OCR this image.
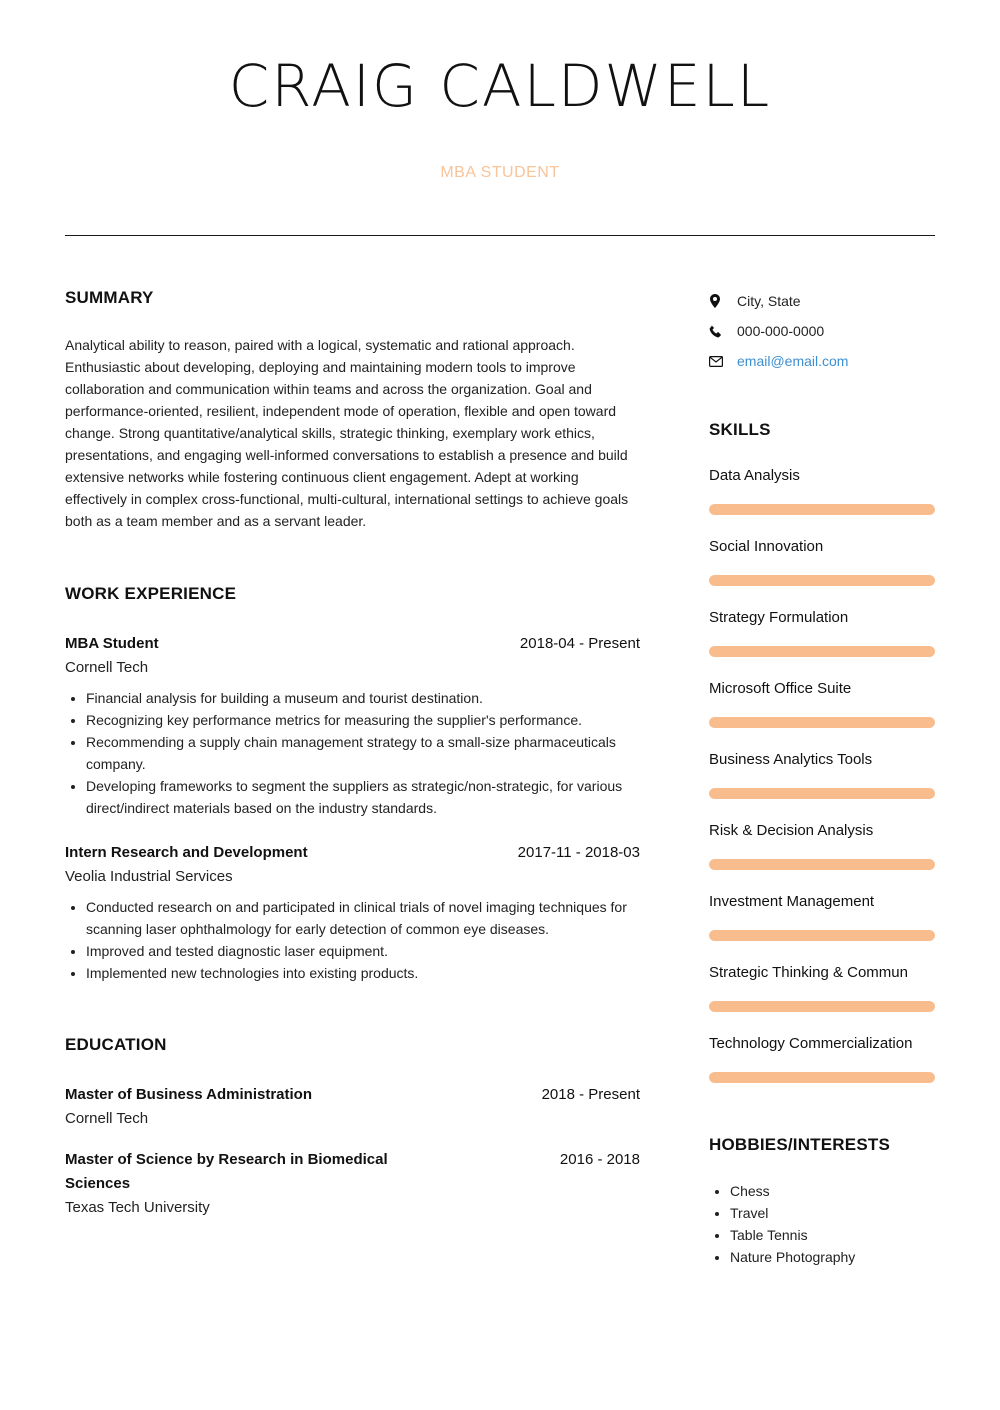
CRAIG CALDWELL
MBA STUDENT
SUMMARY

Analytical ability to reason, paired with a logical, systematic and rational approach. Enthusiastic about developing, deploying and maintaining modern tools to improve collaboration and communication within teams and across the organization. Goal and performance-oriented, resilient, independent mode of operation, flexible and open toward change. Strong quantitative/analytical skills, strategic thinking, exemplary work ethics, presentations, and engaging well-informed conversations to establish a presence and build extensive networks while fostering continuous client engagement. Adept at working effectively in complex cross-functional, multi-cultural, international settings to achieve goals both as a team member and as a servant leader.

WORK EXPERIENCE
MBA Student	2018-04 - Present
Cornell Tech
• Financial analysis for building a museum and tourist destination.
• Recognizing key performance metrics for measuring the supplier's performance.
• Recommending a supply chain management strategy to a small-size pharmaceuticals company.
• Developing frameworks to segment the suppliers as strategic/non-strategic, for various direct/indirect materials based on the industry standards.
Intern Research and Development	2017-11 - 2018-03
Veolia Industrial Services
• Conducted research on and participated in clinical trials of novel imaging techniques for scanning laser ophthalmology for early detection of common eye diseases.
• Improved and tested diagnostic laser equipment.
• Implemented new technologies into existing products.
EDUCATION
Master of Business Administration	2018 - Present
Cornell Tech
Master of Science by Research in Biomedical Sciences
2016 - 2018
Texas Tech University
City, State
000-000-0000
email@email.com
SKILLS
Data Analysis
Social Innovation
Strategy Formulation
Microsoft Office Suite
Business Analytics Tools
Risk & Decision Analysis
Investment Management
Strategic Thinking & Commun
Technology Commercialization
HOBBIES/INTERESTS
• Chess
• Travel
• Table Tennis
• Nature Photography
